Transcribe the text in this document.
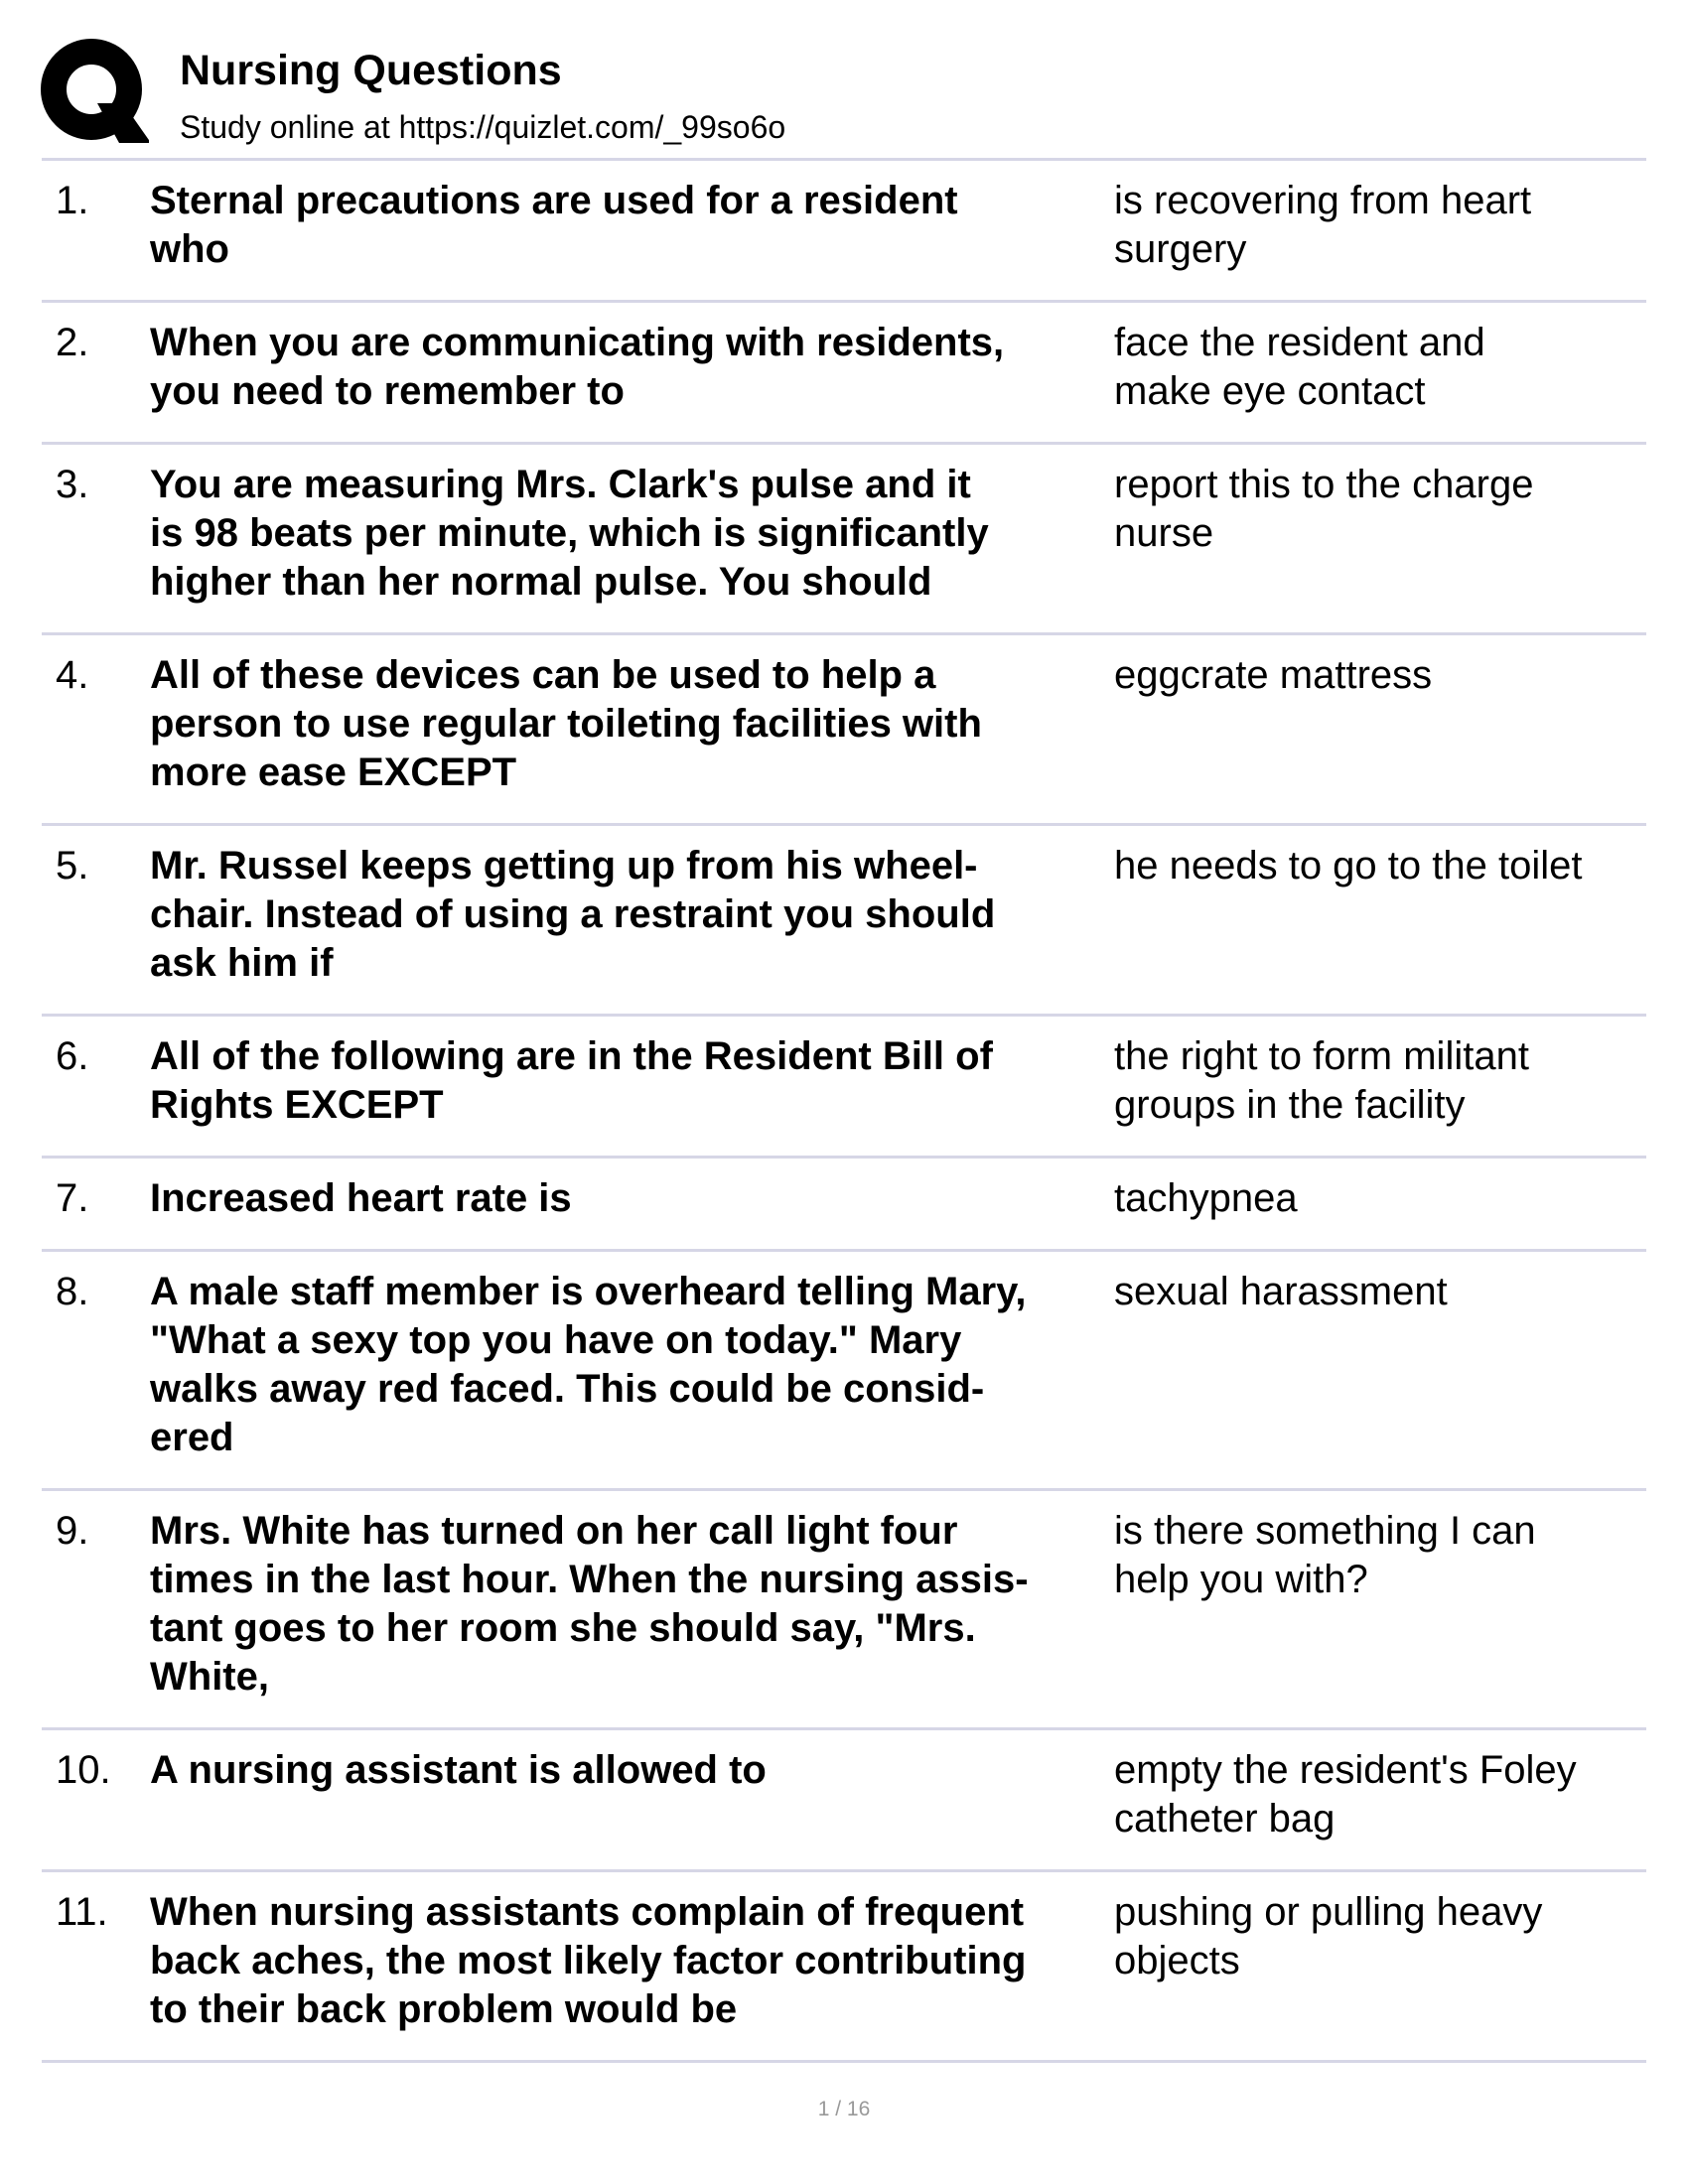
Nursing Questions
Study online at https://quizlet.com/_99so6o
1. Sternal precautions are used for a resident
who
is recovering from heart
surgery
2. When you are communicating with residents,
you need to remember to
face the resident and
make eye contact
3. You are measuring Mrs. Clark's pulse and it
is 98 beats per minute, which is significantly
higher than her normal pulse. You should
report this to the charge
nurse
4. All of these devices can be used to help a
person to use regular toileting facilities with
more ease EXCEPT
eggcrate mattress
5. Mr. Russel keeps getting up from his wheel-
chair. Instead of using a restraint you should
ask him if
he needs to go to the toilet
6. All of the following are in the Resident Bill of
Rights EXCEPT
the right to form militant
groups in the facility
7. Increased heart rate is	tachypnea
8. A male staff member is overheard telling Mary,
"What a sexy top you have on today." Mary
walks away red faced. This could be consid-
ered
sexual harassment
9. Mrs. White has turned on her call light four
times in the last hour. When the nursing assis-
tant goes to her room she should say, "Mrs.
White,
is there something I can
help you with?
10. A nursing assistant is allowed to	empty the resident's Foley
catheter bag
11. When nursing assistants complain of frequent
back aches, the most likely factor contributing
to their back problem would be
pushing or pulling heavy
objects
1 / 16
